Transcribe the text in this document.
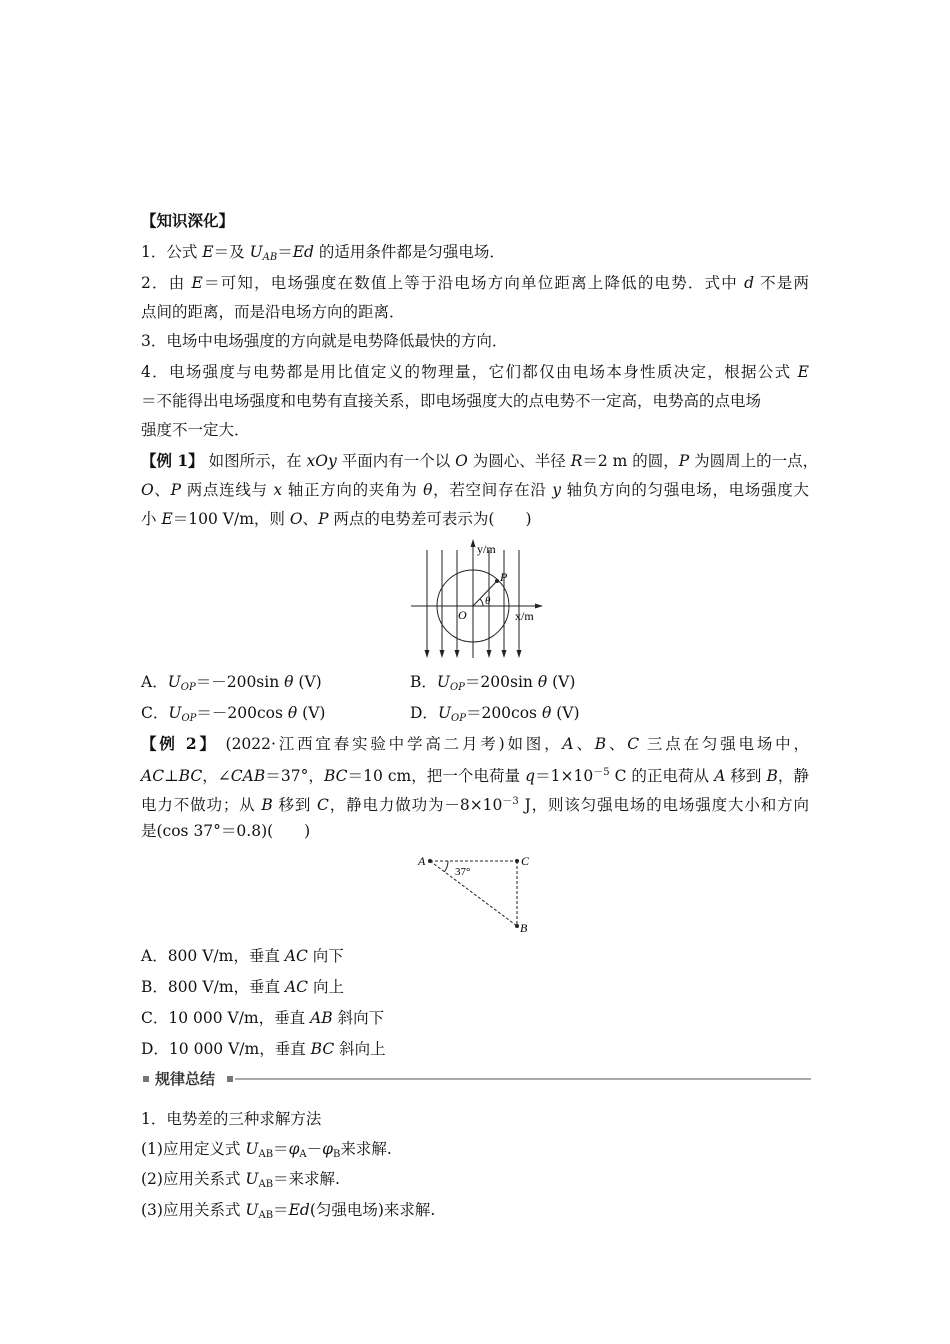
【知识深化】
1．公式 E＝及 $U_{AB}=Ed$ 的适用条件都是匀强电场．
2．由 E＝可知，电场强度在数值上等于沿电场方向单位距离上降低的电势．式中 d 不是两
点间的距离，而是沿电场方向的距离．
3．电场中电场强度的方向就是电势降低最快的方向．
4．电场强度与电势都是用比值定义的物理量，它们都仅由电场本身性质决定，根据公式 E
＝不能得出电场强度和电势有直接关系，即电场强度大的点电势不一定高，电势高的点电场
强度不一定大．
【例 1】 如图所示，在 xOy 平面内有一个以 O 为圆心、半径 R＝2 m 的圆，P 为圆周上的一点，
O、P 两点连线与 x 轴正方向的夹角为 θ，若空间存在沿 y 轴负方向的匀强电场，电场强度大
小 E＝100 V/m，则 O、P 两点的电势差可表示为(　　)
y/m
x/m
P
O
θ
A．$U_{OP}=-200\sin$ θ (V)	B．$U_{OP}=200\sin$ θ (V)
C．$U_{OP}=-200\cos$ θ (V)	D．$U_{OP}=200\cos$ θ (V)
【例 2】 (2022·江西宜春实验中学高二月考)如图，A、B、C 三点在匀强电场中，
AC⊥BC，∠CAB＝37°，BC＝10 cm，把一个电荷量 $q=1\times 10^{-5}$ C 的正电荷从 A 移到 B，静
电力不做功；从 B 移到 C，静电力做功为$-8\times 10^{-3}$ J，则该匀强电场的电场强度大小和方向
是(cos 37°＝0.8)(　　)
A	C
B
37°
A．800 V/m，垂直 AC 向下
B．800 V/m，垂直 AC 向上
C．10 000 V/m，垂直 AB 斜向下
D．10 000 V/m，垂直 BC 斜向上
规律总结
1．电势差的三种求解方法
(1)应用定义式 $U_{AB}=\varphi_A-\varphi_B$来求解.
(2)应用关系式 $U_{AB}=$来求解.
(3)应用关系式 $U_{AB}=Ed$(匀强电场)来求解.
